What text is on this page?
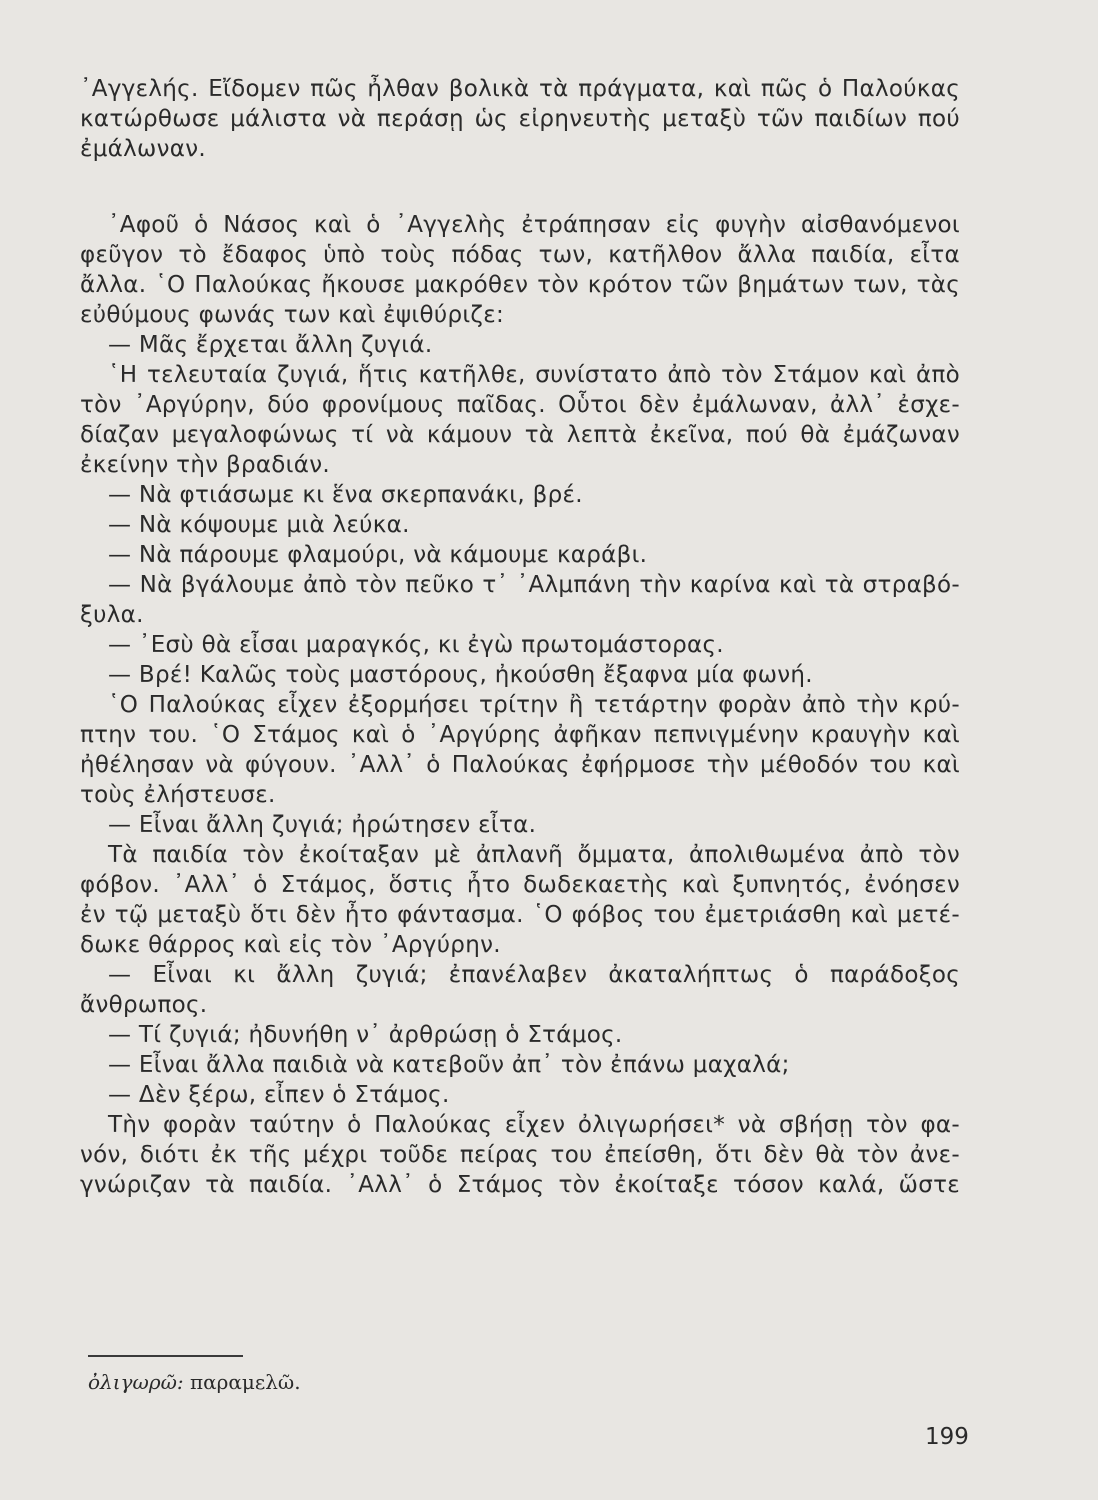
᾿Αγγελής. Εἴδομεν πῶς ἦλθαν βολικὰ τὰ πράγματα, καὶ πῶς ὁ Παλούκας
κατώρθωσε μάλιστα νὰ περάσῃ ὡς εἰρηνευτὴς μεταξὺ τῶν παιδίων πού
ἐμάλωναν.
᾿Αφοῦ ὁ Νάσος καὶ ὁ ᾿Αγγελὴς ἐτράπησαν εἰς φυγὴν αἰσθανόμενοι
φεῦγον τὸ ἔδαφος ὑπὸ τοὺς πόδας των, κατῆλθον ἄλλα παιδία, εἶτα
ἄλλα. ῾Ο Παλούκας ἤκουσε μακρόθεν τὸν κρότον τῶν βημάτων των, τὰς
εὐθύμους φωνάς των καὶ ἐψιθύριζε:
— Μᾶς ἔρχεται ἄλλη ζυγιά.
῾Η τελευταία ζυγιά, ἥτις κατῆλθε, συνίστατο ἀπὸ τὸν Στάμον καὶ ἀπὸ
τὸν ᾿Αργύρην, δύο φρονίμους παῖδας. Οὗτοι δὲν ἐμάλωναν, ἀλλ᾿ ἐσχε-
δίαζαν μεγαλοφώνως τί νὰ κάμουν τὰ λεπτὰ ἐκεῖνα, πού θὰ ἐμάζωναν
ἐκείνην τὴν βραδιάν.
— Νὰ φτιάσωμε κι ἕνα σκερπανάκι, βρέ.
— Νὰ κόψουμε μιὰ λεύκα.
— Νὰ πάρουμε φλαμούρι, νὰ κάμουμε καράβι.
— Νὰ βγάλουμε ἀπὸ τὸν πεῦκο τ᾿ ᾿Αλμπάνη τὴν καρίνα καὶ τὰ στραβό-
ξυλα.
— ᾿Εσὺ θὰ εἶσαι μαραγκός, κι ἐγὼ πρωτομάστορας.
— Βρέ! Καλῶς τοὺς μαστόρους, ἠκούσθη ἔξαφνα μία φωνή.
῾Ο Παλούκας εἶχεν ἐξορμήσει τρίτην ἢ τετάρτην φορὰν ἀπὸ τὴν κρύ-
πτην του. ῾Ο Στάμος καὶ ὁ ᾿Αργύρης ἀφῆκαν πεπνιγμένην κραυγὴν καὶ
ἠθέλησαν νὰ φύγουν. ᾿Αλλ᾿ ὁ Παλούκας ἐφήρμοσε τὴν μέθοδόν του καὶ
τοὺς ἐλήστευσε.
— Εἶναι ἄλλη ζυγιά; ἠρώτησεν εἶτα.
Τὰ παιδία τὸν ἐκοίταξαν μὲ ἀπλανῆ ὄμματα, ἀπολιθωμένα ἀπὸ τὸν
φόβον. ᾿Αλλ᾿ ὁ Στάμος, ὅστις ἦτο δωδεκαετὴς καὶ ξυπνητός, ἐνόησεν
ἐν τῷ μεταξὺ ὅτι δὲν ἦτο φάντασμα. ῾Ο φόβος του ἐμετριάσθη καὶ μετέ-
δωκε θάρρος καὶ εἰς τὸν ᾿Αργύρην.
— Εἶναι κι ἄλλη ζυγιά; ἐπανέλαβεν ἀκαταλήπτως ὁ παράδοξος
ἄνθρωπος.
— Τί ζυγιά; ἠδυνήθη ν᾿ ἀρθρώσῃ ὁ Στάμος.
— Εἶναι ἄλλα παιδιὰ νὰ κατεβοῦν ἀπ᾿ τὸν ἐπάνω μαχαλά;
— Δὲν ξέρω, εἶπεν ὁ Στάμος.
Τὴν φορὰν ταύτην ὁ Παλούκας εἶχεν ὀλιγωρήσει* νὰ σβήσῃ τὸν φα-
νόν, διότι ἐκ τῆς μέχρι τοῦδε πείρας του ἐπείσθη, ὅτι δὲν θὰ τὸν ἀνε-
γνώριζαν τὰ παιδία. ᾿Αλλ᾿ ὁ Στάμος τὸν ἐκοίταξε τόσον καλά, ὥστε
ὀλιγωρῶ: παραμελῶ.
199
